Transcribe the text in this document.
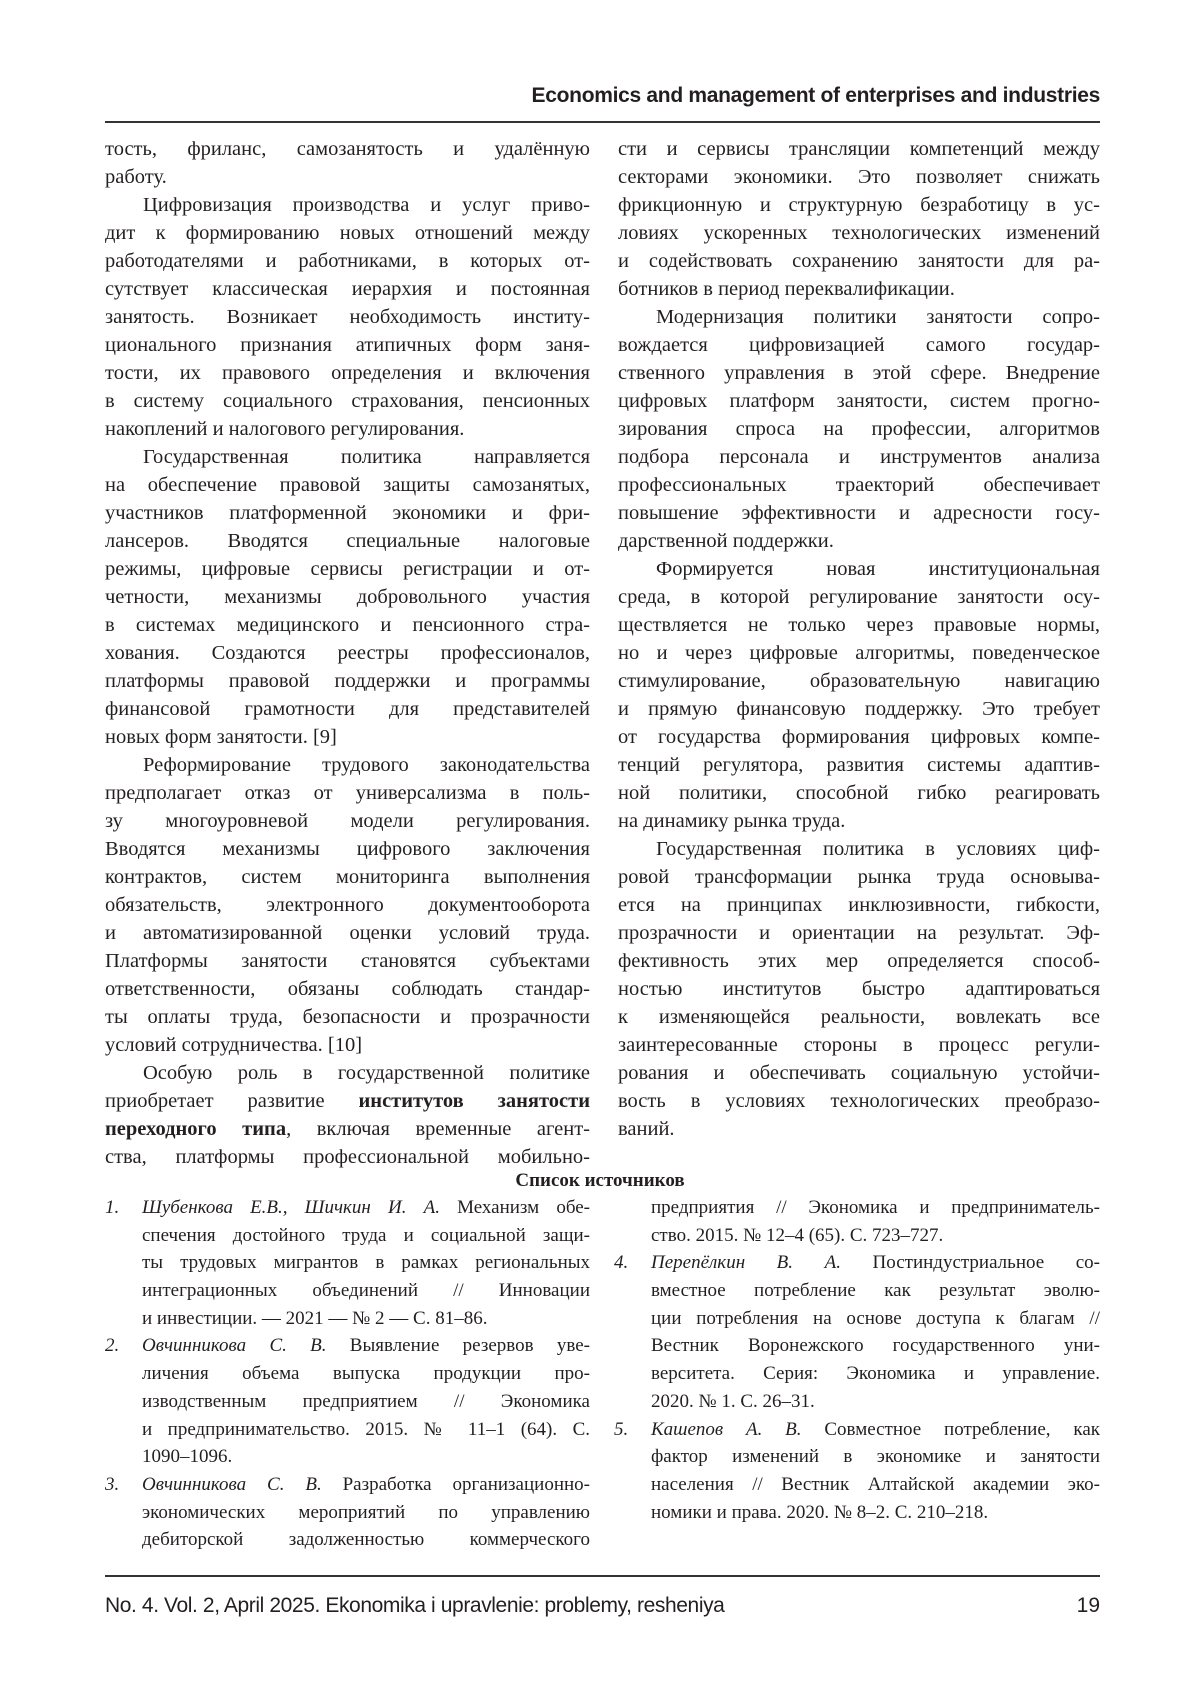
Economics and management of enterprises and industries
тость, фриланс, самозанятость и удалённую
работу.
Цифровизация производства и услуг приво-
дит к формированию новых отношений между
работодателями и работниками, в которых от-
сутствует классическая иерархия и постоянная
занятость. Возникает необходимость институ-
ционального признания атипичных форм заня-
тости, их правового определения и включения
в систему социального страхования, пенсионных
накоплений и налогового регулирования.
Государственная политика направляется
на обеспечение правовой защиты самозанятых,
участников платформенной экономики и фри-
лансеров. Вводятся специальные налоговые
режимы, цифровые сервисы регистрации и от-
четности, механизмы добровольного участия
в системах медицинского и пенсионного стра-
хования. Создаются реестры профессионалов,
платформы правовой поддержки и программы
финансовой грамотности для представителей
новых форм занятости. [9]
Реформирование трудового законодательства
предполагает отказ от универсализма в поль-
зу многоуровневой модели регулирования.
Вводятся механизмы цифрового заключения
контрактов, систем мониторинга выполнения
обязательств, электронного документооборота
и автоматизированной оценки условий труда.
Платформы занятости становятся субъектами
ответственности, обязаны соблюдать стандар-
ты оплаты труда, безопасности и прозрачности
условий сотрудничества. [10]
Особую роль в государственной политике
приобретает развитие институтов занятости
переходного типа, включая временные агент-
ства, платформы профессиональной мобильно-
сти и сервисы трансляции компетенций между
секторами экономики. Это позволяет снижать
фрикционную и структурную безработицу в ус-
ловиях ускоренных технологических изменений
и содействовать сохранению занятости для ра-
ботников в период переквалификации.
Модернизация политики занятости сопро-
вождается цифровизацией самого государ-
ственного управления в этой сфере. Внедрение
цифровых платформ занятости, систем прогно-
зирования спроса на профессии, алгоритмов
подбора персонала и инструментов анализа
профессиональных траекторий обеспечивает
повышение эффективности и адресности госу-
дарственной поддержки.
Формируется новая институциональная
среда, в которой регулирование занятости осу-
ществляется не только через правовые нормы,
но и через цифровые алгоритмы, поведенческое
стимулирование, образовательную навигацию
и прямую финансовую поддержку. Это требует
от государства формирования цифровых компе-
тенций регулятора, развития системы адаптив-
ной политики, способной гибко реагировать
на динамику рынка труда.
Государственная политика в условиях циф-
ровой трансформации рынка труда основыва-
ется на принципах инклюзивности, гибкости,
прозрачности и ориентации на результат. Эф-
фективность этих мер определяется способ-
ностью институтов быстро адаптироваться
к изменяющейся реальности, вовлекать все
заинтересованные стороны в процесс регули-
рования и обеспечивать социальную устойчи-
вость в условиях технологических преобразо-
ваний.
Список источников
1. Шубенкова Е.В., Шичкин И. А. Механизм обе-
спечения достойного труда и социальной защи-
ты трудовых мигрантов в рамках региональных
интеграционных объединений // Инновации
и инвестиции. — 2021 — № 2 — С. 81–86.
2. Овчинникова С. В. Выявление резервов уве-
личения объема выпуска продукции про-
изводственным предприятием // Экономика
и предпринимательство. 2015. № 11–1 (64). С.
1090–1096.
3. Овчинникова С. В. Разработка организационно-
экономических мероприятий по управлению
дебиторской задолженностью коммерческого
предприятия // Экономика и предприниматель-
ство. 2015. № 12–4 (65). С. 723–727.
4. Перепёлкин В. А. Постиндустриальное со-
вместное потребление как результат эволю-
ции потребления на основе доступа к благам //
Вестник Воронежского государственного уни-
верситета. Серия: Экономика и управление.
2020. № 1. С. 26–31.
5. Кашепов А. В. Совместное потребление, как
фактор изменений в экономике и занятости
населения // Вестник Алтайской академии эко-
номики и права. 2020. № 8–2. С. 210–218.
No. 4. Vol. 2, April 2025. Ekonomika i upravlenie: problemy, resheniya	19
